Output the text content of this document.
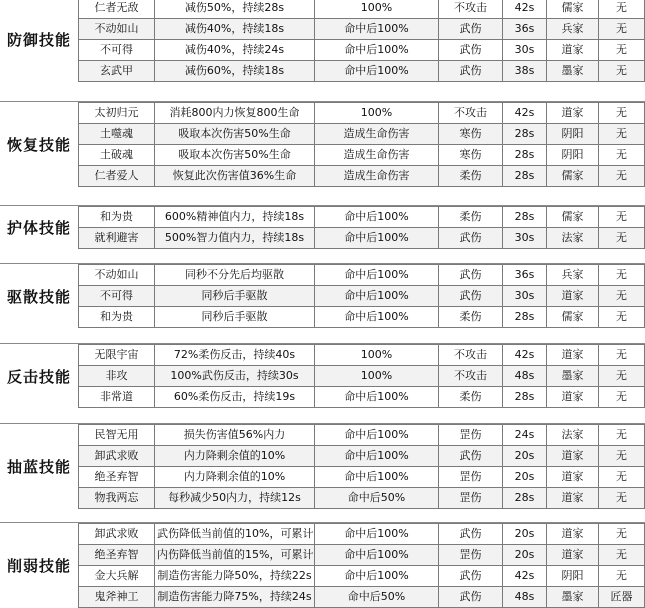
防御技能
仁者无敌	减伤50%，持续28s	100%	不攻击	42s	儒家	无
不动如山	减伤40%，持续18s	命中后100%	武伤	36s	兵家	无
不可得	减伤40%，持续24s	命中后100%	武伤	30s	道家	无
玄武甲	减伤60%，持续18s	命中后100%	武伤	38s	墨家	无
恢复技能
太初归元	消耗800内力恢复800生命	100%	不攻击	42s	道家	无
土噬魂	吸取本次伤害50%生命	造成生命伤害	寒伤	28s	阴阳	无
土破魂	吸取本次伤害50%生命	造成生命伤害	寒伤	28s	阴阳	无
仁者爱人	恢复此次伤害值36%生命	造成生命伤害	柔伤	28s	儒家	无
护体技能
和为贵	600%精神值内力，持续18s	命中后100%	柔伤	28s	儒家	无
就利避害	500%智力值内力，持续18s	命中后100%	武伤	30s	法家	无
驱散技能
不动如山	同秒不分先后均驱散	命中后100%	武伤	36s	兵家	无
不可得	同秒后手驱散	命中后100%	武伤	30s	道家	无
和为贵	同秒后手驱散	命中后100%	柔伤	28s	儒家	无
反击技能
无限宇宙	72%柔伤反击，持续40s	100%	不攻击	42s	道家	无
非攻	100%武伤反击，持续30s	100%	不攻击	48s	墨家	无
非常道	60%柔伤反击，持续19s	命中后100%	柔伤	28s	道家	无
抽蓝技能
民智无用	损失伤害值56%内力	命中后100%	罡伤	24s	法家	无
卸武求败	内力降剩余值的10%	命中后100%	武伤	20s	道家	无
绝圣弃智	内力降剩余值的10%	命中后100%	罡伤	20s	道家	无
物我两忘	每秒减少50内力，持续12s	命中后50%	罡伤	28s	道家	无
削弱技能
卸武求败	武伤降低当前值的10%，可累计	命中后100%	武伤	20s	道家	无
绝圣弃智	内伤降低当前值的15%，可累计	命中后100%	罡伤	20s	道家	无
金大兵解	制造伤害能力降50%，持续22s	命中后100%	武伤	42s	阴阳	无
鬼斧神工	制造伤害能力降75%，持续24s	命中后50%	武伤	48s	墨家	匠器
